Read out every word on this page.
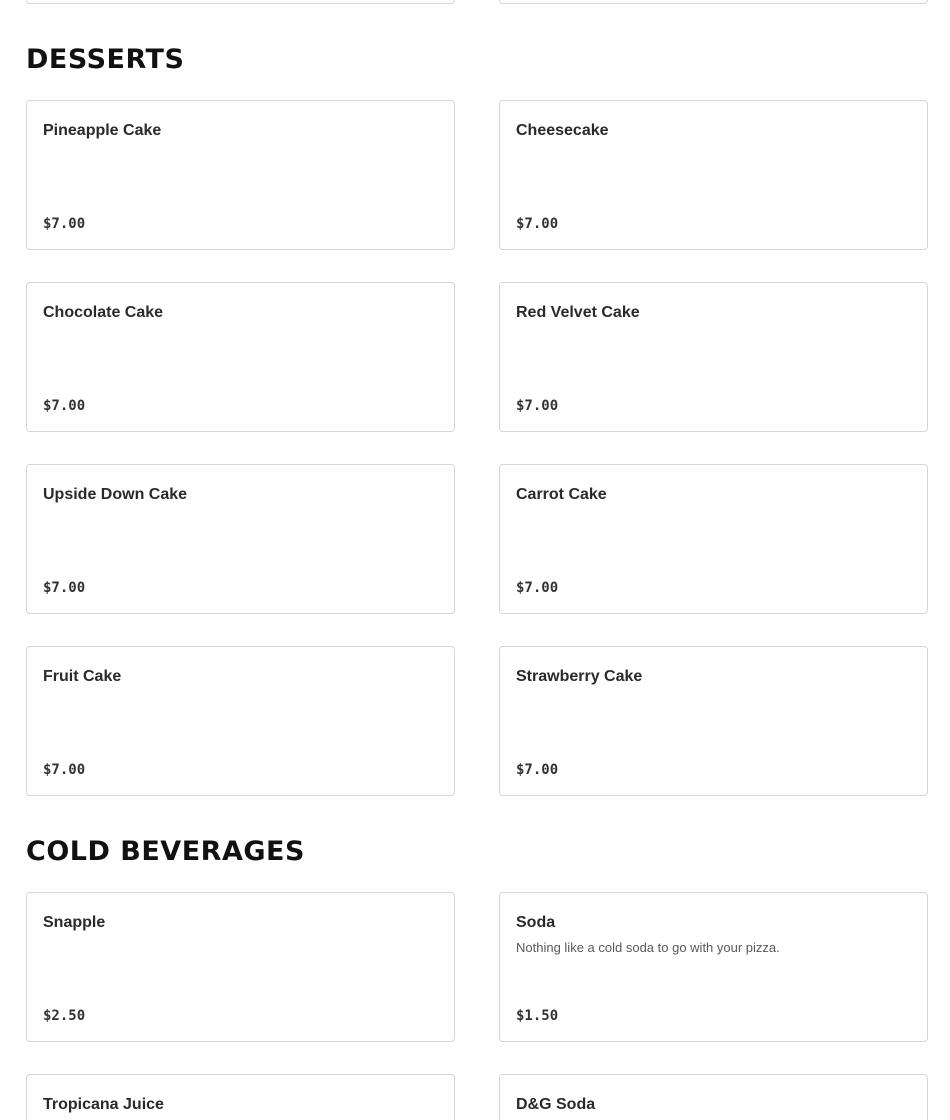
DESSERTS
Pineapple Cake
$7.00
Cheesecake
$7.00
Chocolate Cake
$7.00
Red Velvet Cake
$7.00
Upside Down Cake
$7.00
Carrot Cake
$7.00
Fruit Cake
$7.00
Strawberry Cake
$7.00
COLD BEVERAGES
Snapple
$2.50
Soda
Nothing like a cold soda to go with your pizza.
$1.50
Tropicana Juice	D&G Soda
